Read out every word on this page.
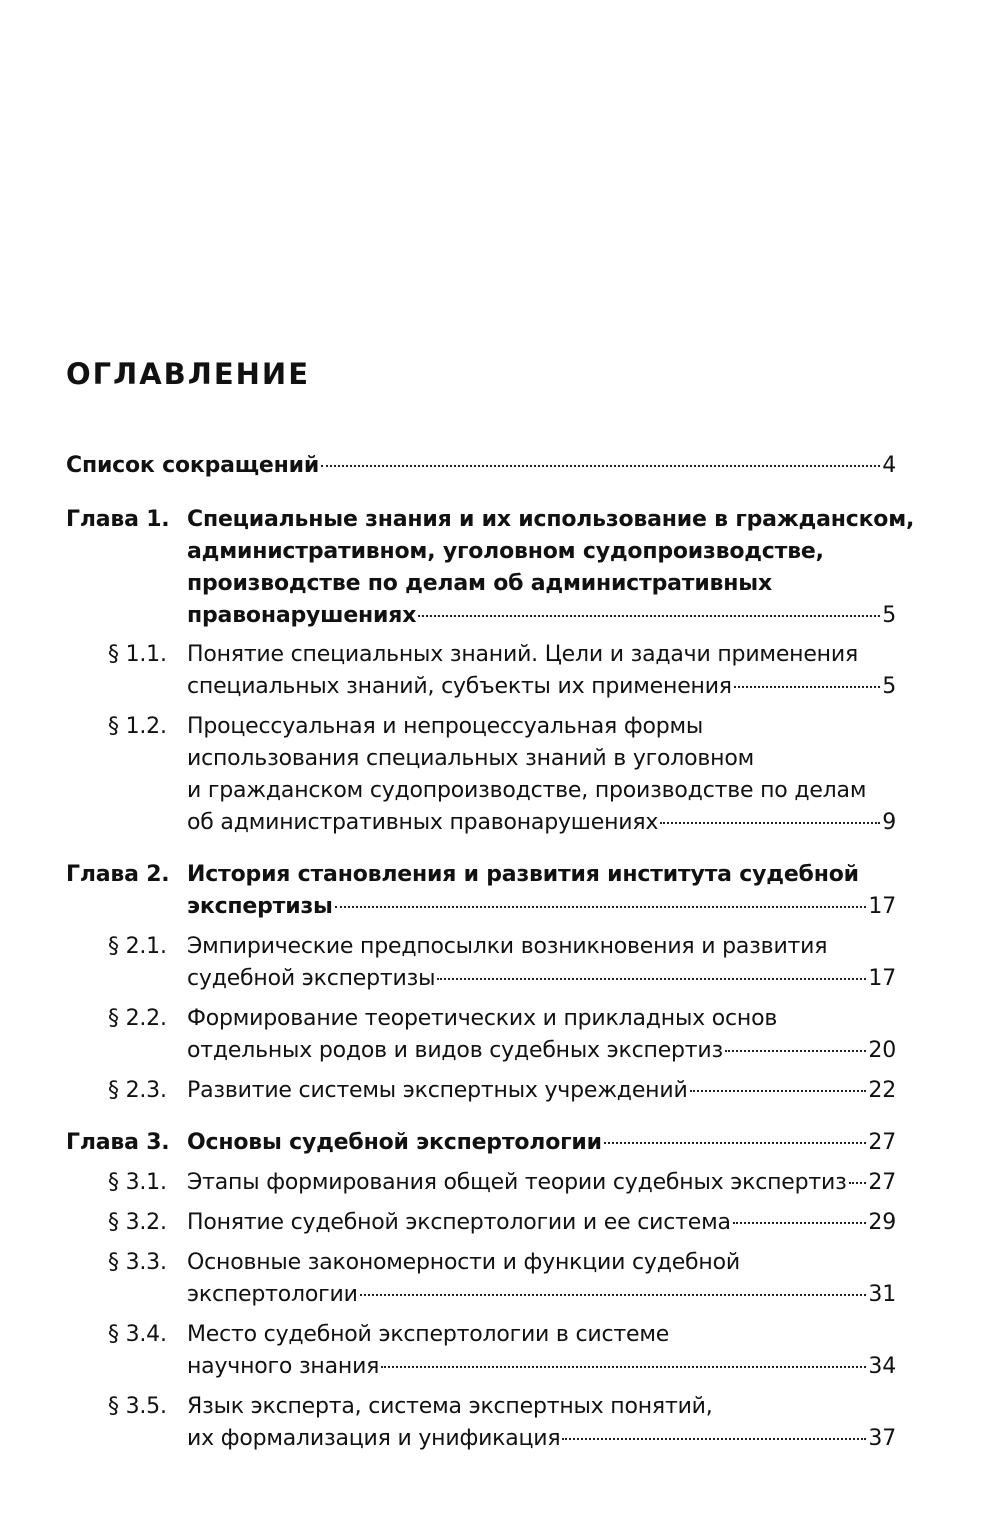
ОГЛАВЛЕНИЕ
Список сокращений	4
Глава 1. Специальные знания и их использование в гражданском,
административном, уголовном судопроизводстве,
производстве по делам об административных
правонарушениях	5
§ 1.1. Понятие специальных знаний. Цели и задачи применения
специальных знаний, субъекты их применения	5
§ 1.2. Процессуальная и непроцессуальная формы
использования специальных знаний в уголовном
и гражданском судопроизводстве, производстве по делам
об административных правонарушениях	9
Глава 2. История становления и развития института судебной
экспертизы	17
§ 2.1. Эмпирические предпосылки возникновения и развития
судебной экспертизы	17
§ 2.2. Формирование теоретических и прикладных основ
отдельных родов и видов судебных экспертиз	20
§ 2.3. Развитие системы экспертных учреждений	22
Глава 3. Основы судебной экспертологии	27
§ 3.1. Этапы формирования общей теории судебных экспертиз 27
§ 3.2. Понятие судебной экспертологии и ее система	29
§ 3.3. Основные закономерности и функции судебной
экспертологии	31
§ 3.4. Место судебной экспертологии в системе
научного знания	34
§ 3.5. Язык эксперта, система экспертных понятий,
их формализация и унификация	37
